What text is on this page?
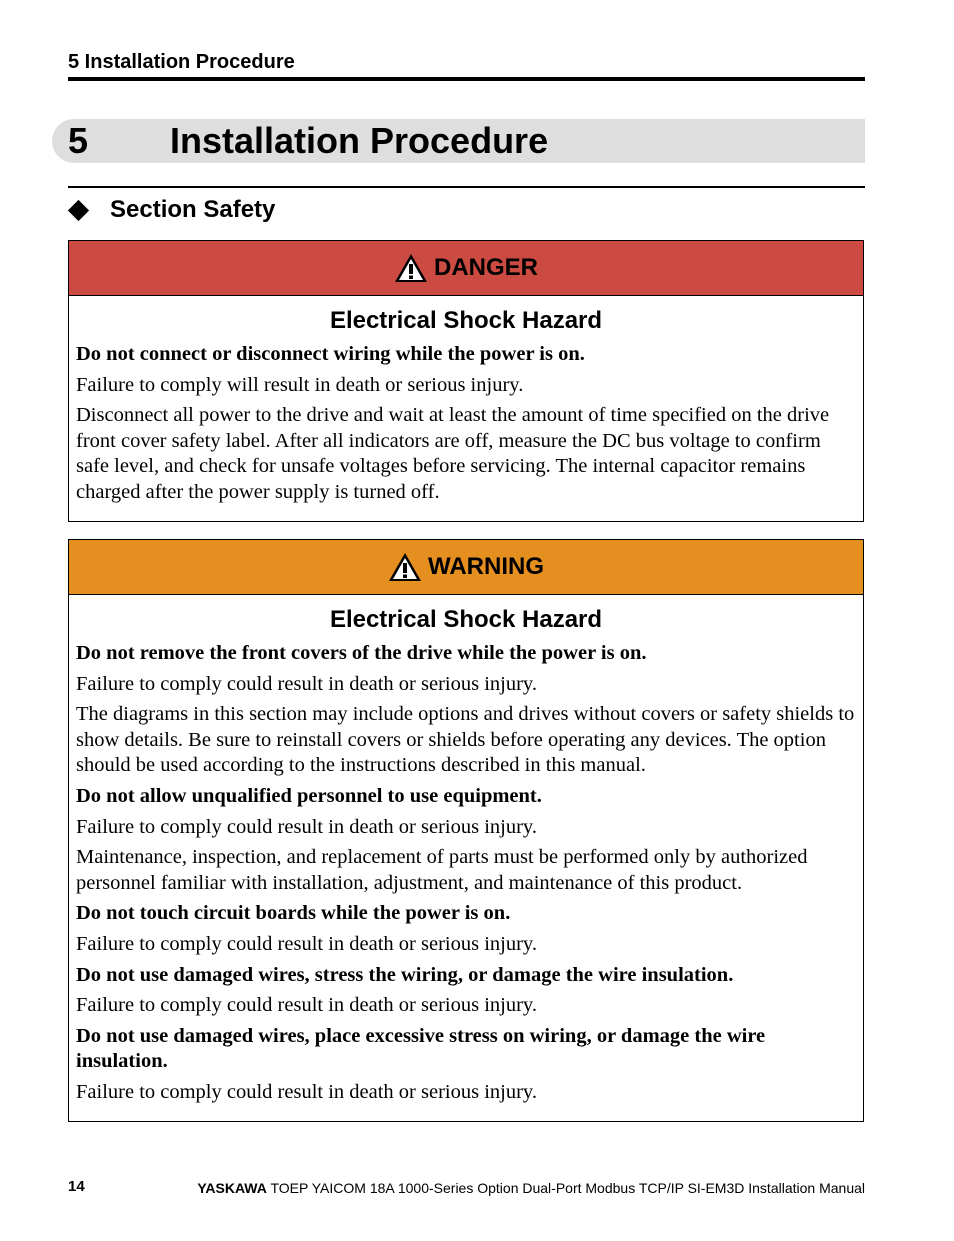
5 Installation Procedure
5 Installation Procedure
Section Safety
DANGER
Electrical Shock Hazard
Do not connect or disconnect wiring while the power is on.
Failure to comply will result in death or serious injury.
Disconnect all power to the drive and wait at least the amount of time specified on the drive front cover safety label. After all indicators are off, measure the DC bus voltage to confirm safe level, and check for unsafe voltages before servicing. The internal capacitor remains charged after the power supply is turned off.
WARNING
Electrical Shock Hazard
Do not remove the front covers of the drive while the power is on.
Failure to comply could result in death or serious injury.
The diagrams in this section may include options and drives without covers or safety shields to show details. Be sure to reinstall covers or shields before operating any devices. The option should be used according to the instructions described in this manual.
Do not allow unqualified personnel to use equipment.
Failure to comply could result in death or serious injury.
Maintenance, inspection, and replacement of parts must be performed only by authorized personnel familiar with installation, adjustment, and maintenance of this product.
Do not touch circuit boards while the power is on.
Failure to comply could result in death or serious injury.
Do not use damaged wires, stress the wiring, or damage the wire insulation.
Failure to comply could result in death or serious injury.
Do not use damaged wires, place excessive stress on wiring, or damage the wire insulation.
Failure to comply could result in death or serious injury.
14	YASKAWA TOEP YAICOM 18A 1000-Series Option Dual-Port Modbus TCP/IP SI-EM3D Installation Manual
